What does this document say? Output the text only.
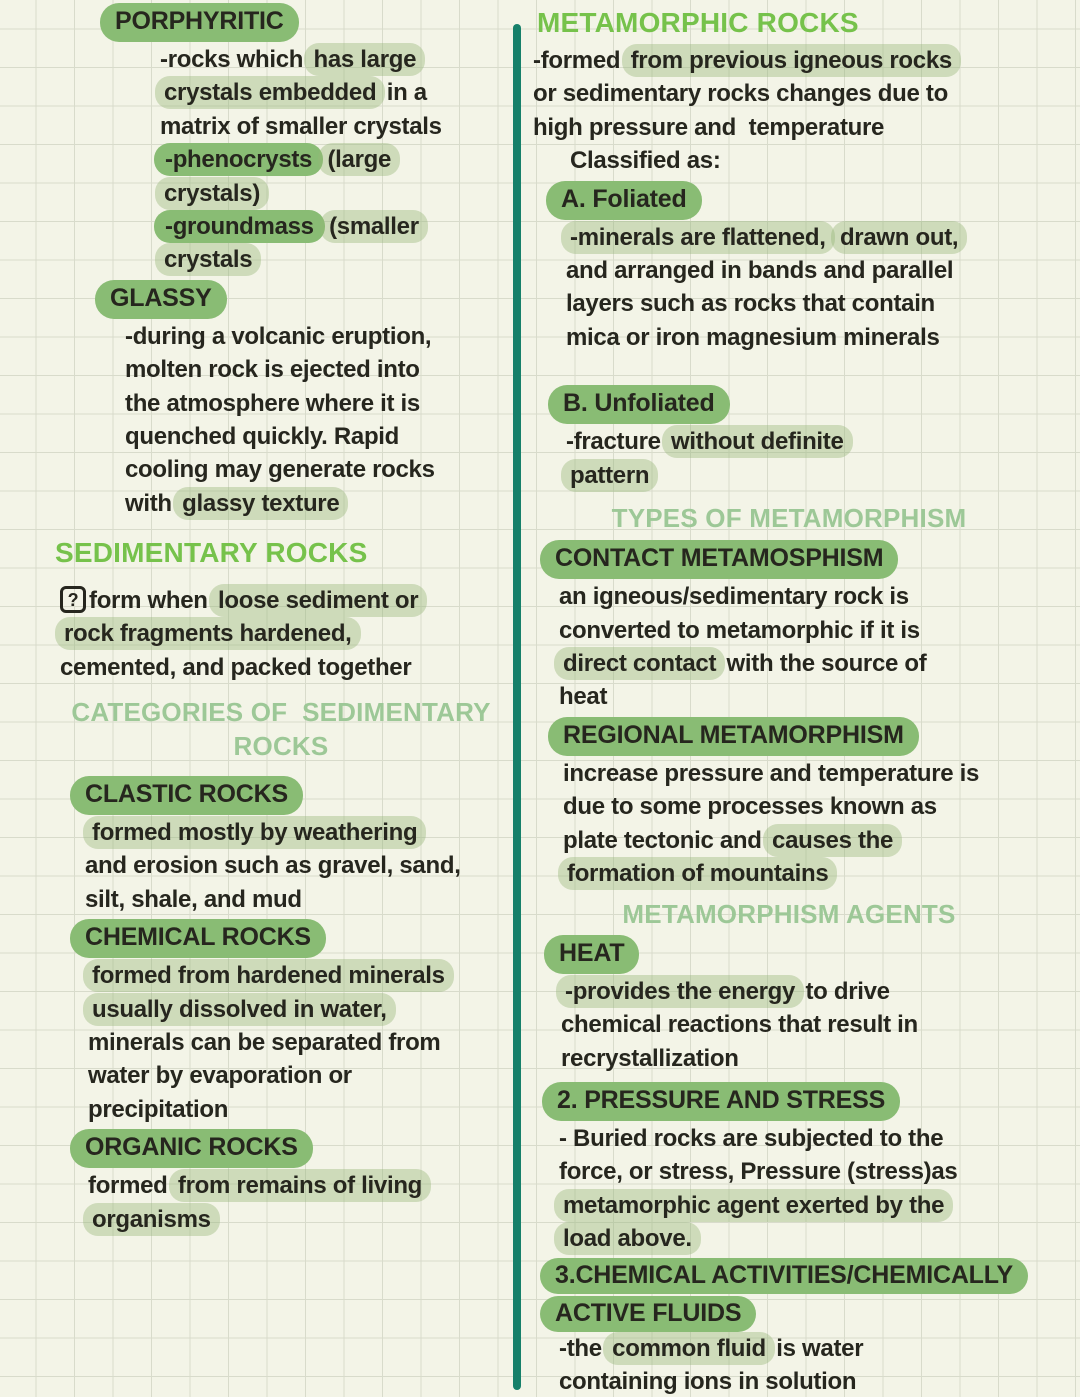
PORPHYRITIC
-rocks which has large
crystals embedded in a
matrix of smaller crystals
-phenocrysts (large
crystals)
-groundmass (smaller
crystals
GLASSY
-during a volcanic eruption,
molten rock is ejected into
the atmosphere where it is
quenched quickly. Rapid
cooling may generate rocks
with glassy texture
SEDIMENTARY ROCKS
? form when loose sediment or
rock fragments hardened,
cemented, and packed together
CATEGORIES OF  SEDIMENTARY
ROCKS
CLASTIC ROCKS
formed mostly by weathering
and erosion such as gravel, sand,
silt, shale, and mud
CHEMICAL ROCKS
formed from hardened minerals
usually dissolved in water,
minerals can be separated from
water by evaporation or
precipitation
ORGANIC ROCKS
formed from remains of living
organisms
METAMORPHIC ROCKS
-formed from previous igneous rocks
or sedimentary rocks changes due to
high pressure and  temperature
Classified as:
A. Foliated
-minerals are flattened, drawn out,
and arranged in bands and parallel
layers such as rocks that contain
mica or iron magnesium minerals
B. Unfoliated
-fracture without definite
pattern
TYPES OF METAMORPHISM
CONTACT METAMOSPHISM
an igneous/sedimentary rock is
converted to metamorphic if it is
direct contact with the source of
heat
REGIONAL METAMORPHISM
increase pressure and temperature is
due to some processes known as
plate tectonic and causes the
formation of mountains
METAMORPHISM AGENTS
HEAT
-provides the energy to drive
chemical reactions that result in
recrystallization
2. PRESSURE AND STRESS
- Buried rocks are subjected to the
force, or stress, Pressure (stress)as
metamorphic agent exerted by the
load above.
3.CHEMICAL ACTIVITIES/CHEMICALLY
ACTIVE FLUIDS
-the common fluid is water
containing ions in solution
